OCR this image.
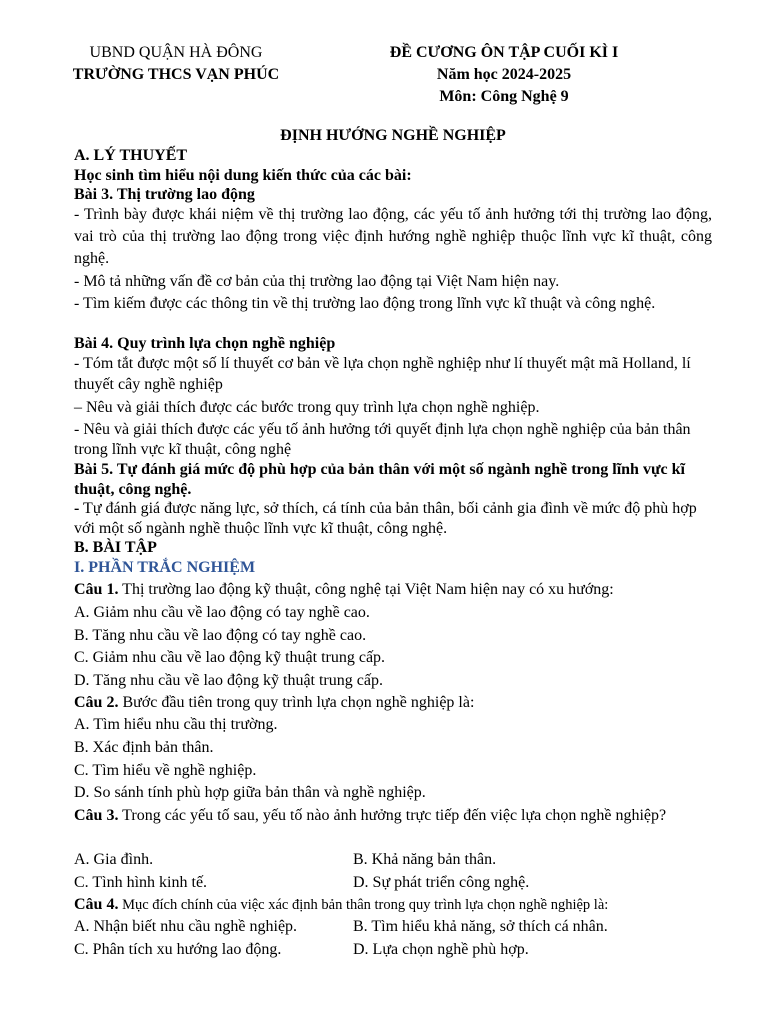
UBND QUẬN HÀ ĐÔNG
TRƯỜNG THCS VẠN PHÚC
ĐỀ CƯƠNG ÔN TẬP CUỐI KÌ I
Năm học 2024-2025
Môn: Công Nghệ 9
ĐỊNH HƯỚNG NGHỀ NGHIỆP
A. LÝ THUYẾT
Học sinh tìm hiểu nội dung kiến thức của các bài:
Bài 3. Thị trường lao động
- Trình bày được khái niệm về thị trường lao động, các yếu tố ảnh hưởng tới thị trường lao động, vai trò của thị trường lao động trong việc định hướng nghề nghiệp thuộc lĩnh vực kĩ thuật, công nghệ.
- Mô tả những vấn đề cơ bản của thị trường lao động tại Việt Nam hiện nay.
- Tìm kiếm được các thông tin về thị trường lao động trong lĩnh vực kĩ thuật và công nghệ.
Bài 4. Quy trình lựa chọn nghề nghiệp
- Tóm tắt được một số lí thuyết cơ bản về lựa chọn nghề nghiệp như lí thuyết mật mã Holland, lí thuyết cây nghề nghiệp
– Nêu và giải thích được các bước trong quy trình lựa chọn nghề nghiệp.
- Nêu và giải thích được các yếu tố ảnh hưởng tới quyết định lựa chọn nghề nghiệp của bản thân trong lĩnh vực kĩ thuật, công nghệ
Bài 5. Tự đánh giá mức độ phù hợp của bản thân với một số ngành nghề trong lĩnh vực kĩ thuật, công nghệ.
- Tự đánh giá được năng lực, sở thích, cá tính của bản thân, bối cảnh gia đình về mức độ phù hợp với một số ngành nghề thuộc lĩnh vực kĩ thuật, công nghệ.
B. BÀI TẬP
I. PHẦN TRẮC NGHIỆM
Câu 1. Thị trường lao động kỹ thuật, công nghệ tại Việt Nam hiện nay có xu hướng:
A. Giảm nhu cầu về lao động có tay nghề cao.
B. Tăng nhu cầu về lao động có tay nghề cao.
C. Giảm nhu cầu về lao động kỹ thuật trung cấp.
D. Tăng nhu cầu về lao động kỹ thuật trung cấp.
Câu 2. Bước đầu tiên trong quy trình lựa chọn nghề nghiệp là:
A. Tìm hiểu nhu cầu thị trường.
B. Xác định bản thân.
C. Tìm hiểu về nghề nghiệp.
D. So sánh tính phù hợp giữa bản thân và nghề nghiệp.
Câu 3. Trong các yếu tố sau, yếu tố nào ảnh hưởng trực tiếp đến việc lựa chọn nghề nghiệp?
A. Gia đình.	B. Khả năng bản thân.
C. Tình hình kinh tế.	D. Sự phát triển công nghệ.
Câu 4. Mục đích chính của việc xác định bản thân trong quy trình lựa chọn nghề nghiệp là:
A. Nhận biết nhu cầu nghề nghiệp.	B. Tìm hiểu khả năng, sở thích cá nhân.
C. Phân tích xu hướng lao động.	D. Lựa chọn nghề phù hợp.
